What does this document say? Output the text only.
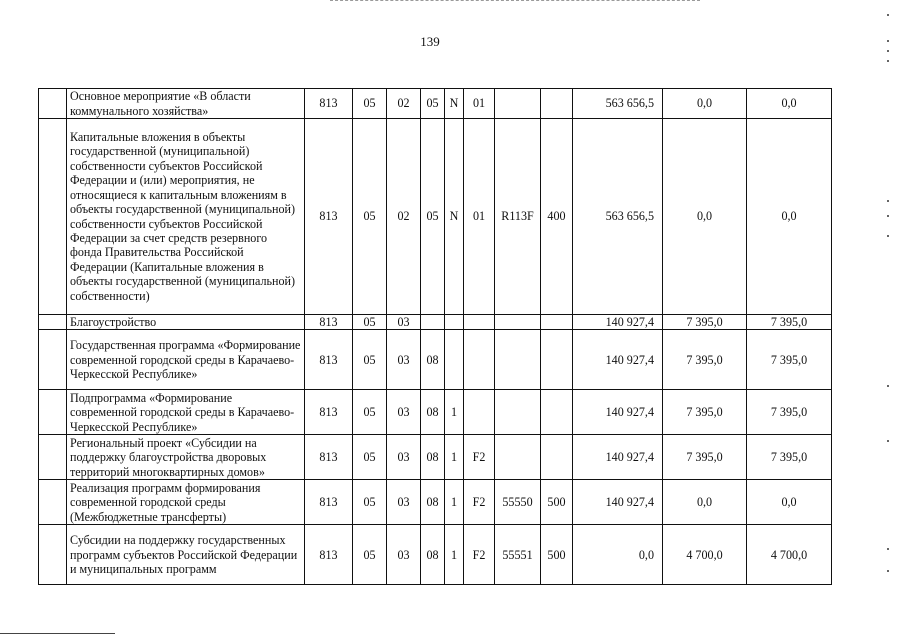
139
	Основное мероприятие «В области коммунального хозяйства»	813	05	02	05	N	01			563 656,5	0,0	0,0
	Капитальные вложения в объекты государственной (муниципальной) собственности субъектов Российской Федерации и (или) мероприятия, не относящиеся к капитальным вложениям в объекты государственной (муниципальной) собственности субъектов Российской Федерации за счет средств резервного фонда Правительства Российской Федерации (Капитальные вложения в объекты государственной (муниципальной) собственности)	813	05	02	05	N	01	R113F	400	563 656,5	0,0	0,0
	Благоустройство	813	05	03						140 927,4	7 395,0	7 395,0
	Государственная программа «Формирование современной городской среды в Карачаево-Черкесской Республике»	813	05	03	08					140 927,4	7 395,0	7 395,0
	Подпрограмма «Формирование современной городской среды в Карачаево-Черкесской Республике»	813	05	03	08	1				140 927,4	7 395,0	7 395,0
	Региональный проект «Субсидии на поддержку благоустройства дворовых территорий многоквартирных домов»	813	05	03	08	1	F2			140 927,4	7 395,0	7 395,0
	Реализация программ формирования современной городской среды (Межбюджетные трансферты)	813	05	03	08	1	F2	55550	500	140 927,4	0,0	0,0
	Субсидии на поддержку государственных программ субъектов Российской Федерации и муниципальных программ	813	05	03	08	1	F2	55551	500	0,0	4 700,0	4 700,0
